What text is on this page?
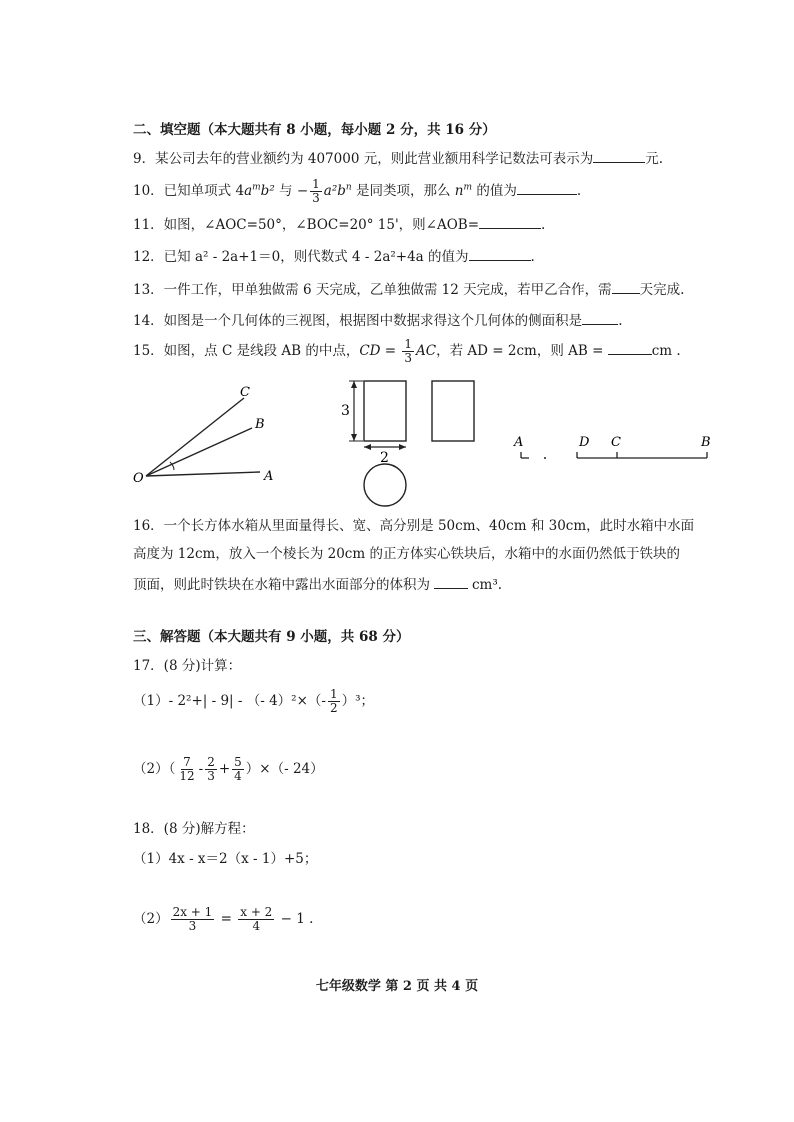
二、填空题（本大题共有 8 小题，每小题 2 分，共 16 分）
9．某公司去年的营业额约为 407000 元，则此营业额用科学记数法可表示为	元.
10．已知单项式 $4a^mb^2$ 与 − $\frac{1}{3} a^2b^n$ 是同类项，那么 $n^m$ 的值为	.
11．如图，∠AOC=50°，∠BOC=20° 15'，则∠AOB=	.
12．已知 a² - 2a+1＝0，则代数式 4 - 2a²+4a 的值为	.
13．一件工作，甲单独做需 6 天完成，乙单独做需 12 天完成，若甲乙合作，需 天完成.
14．如图是一个几何体的三视图，根据图中数据求得这个几何体的侧面积是	.
15．如图，点 C 是线段 AB 的中点，CD = $\frac{1}{3}$ AC，若 AD = 2cm，则 AB =	cm .
C
B
O	A
3
2
A	D C	B
16．一个长方体水箱从里面量得长、宽、高分别是 50cm、40cm 和 30cm，此时水箱中水面
高度为 12cm，放入一个棱长为 20cm 的正方体实心铁块后，水箱中的水面仍然低于铁块的
顶面，则此时铁块在水箱中露出水面部分的体积为	cm³.
三、解答题（本大题共有 9 小题，共 68 分）
17．(8 分)计算：
（1）- 2²+| - 9| - （- $4)^2\times(- \frac{1}{2} )^3$；
$(2)( \frac{7}{12} - \frac{2}{3} + \frac{5}{4}$ ）×（- 24）
18．(8 分)解方程：
（1）4x - x＝2（x - 1）+5；
$(2) \frac{2x + 1}{3} = \frac{x + 2}{4} - 1$ .
七年级数学 第 2 页 共 4 页
